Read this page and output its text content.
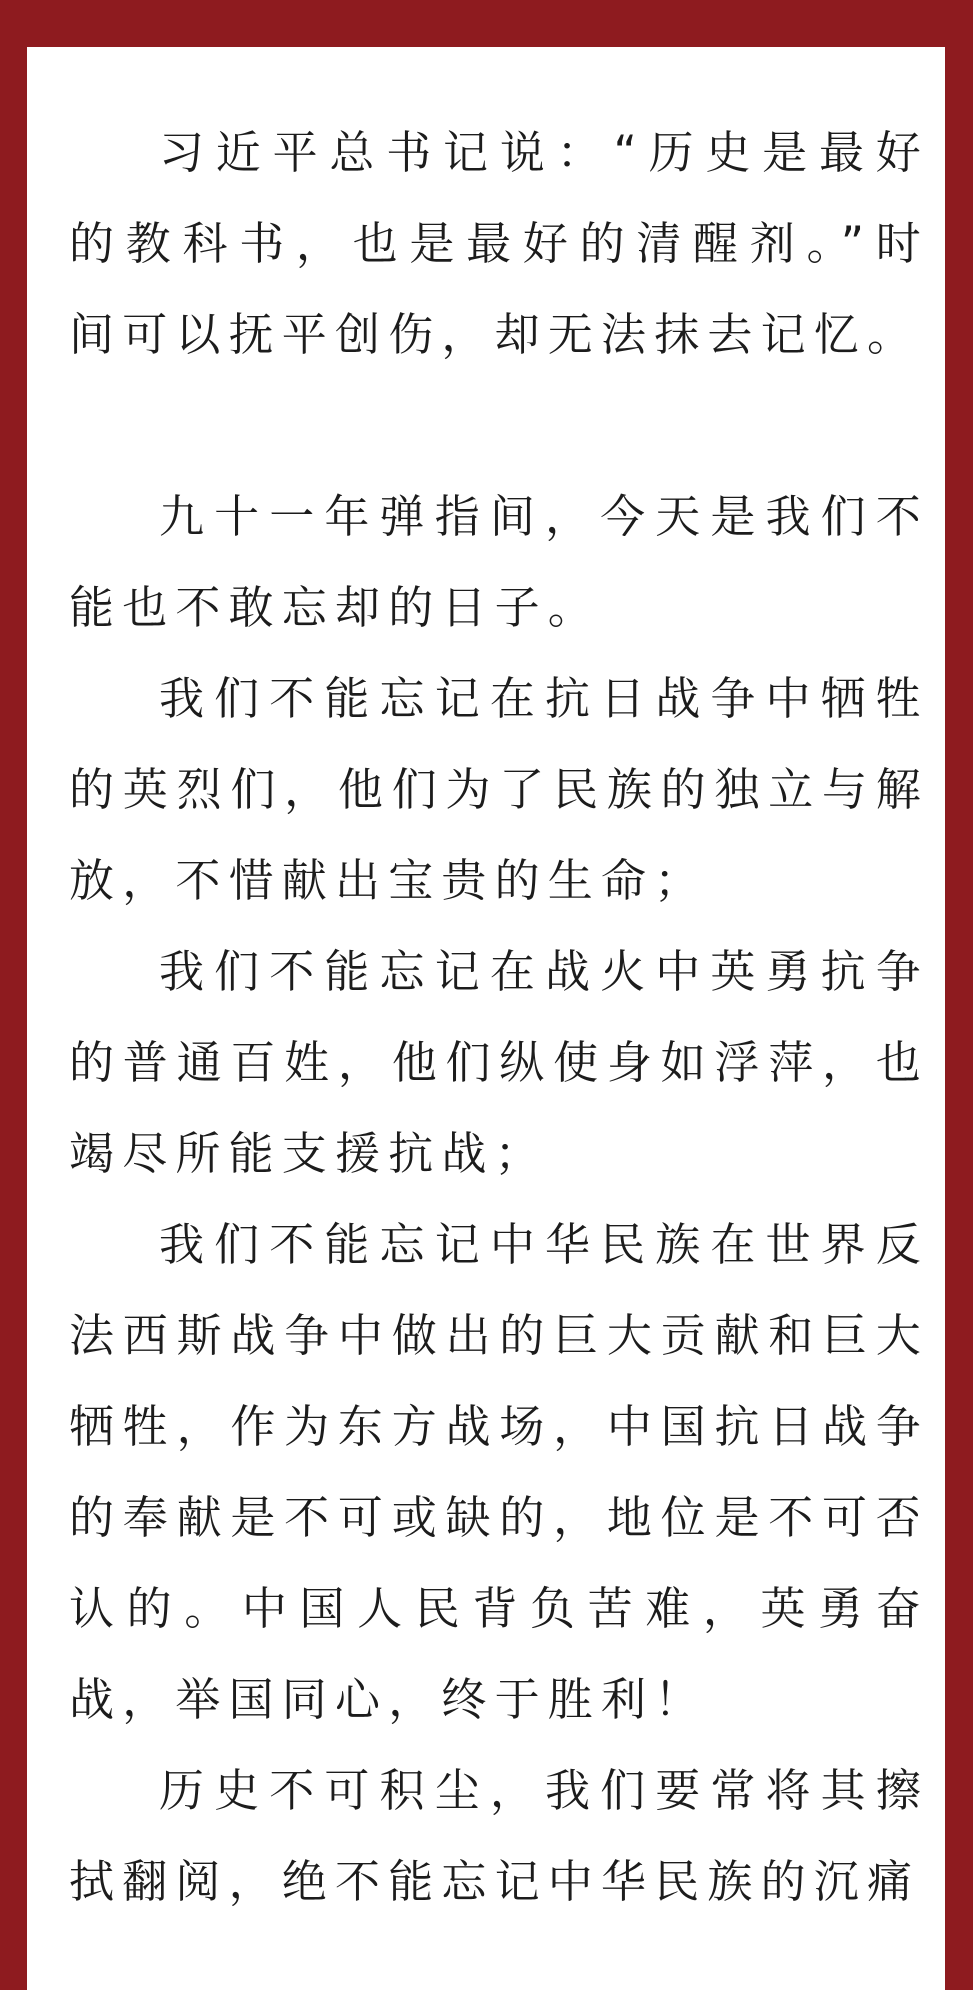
习近平总书记说：“历史是最好的教科书，也是最好的清醒剂。”时间可以抚平创伤，却无法抹去记忆。

九十一年弹指间，今天是我们不能也不敢忘却的日子。

我们不能忘记在抗日战争中牺牲的英烈们，他们为了民族的独立与解放，不惜献出宝贵的生命；

我们不能忘记在战火中英勇抗争的普通百姓，他们纵使身如浮萍，也竭尽所能支援抗战；

我们不能忘记中华民族在世界反法西斯战争中做出的巨大贡献和巨大牺牲，作为东方战场，中国抗日战争的奉献是不可或缺的，地位是不可否认的。中国人民背负苦难，英勇奋战，举国同心，终于胜利！

历史不可积尘，我们要常将其擦拭翻阅，绝不能忘记中华民族的沉痛
